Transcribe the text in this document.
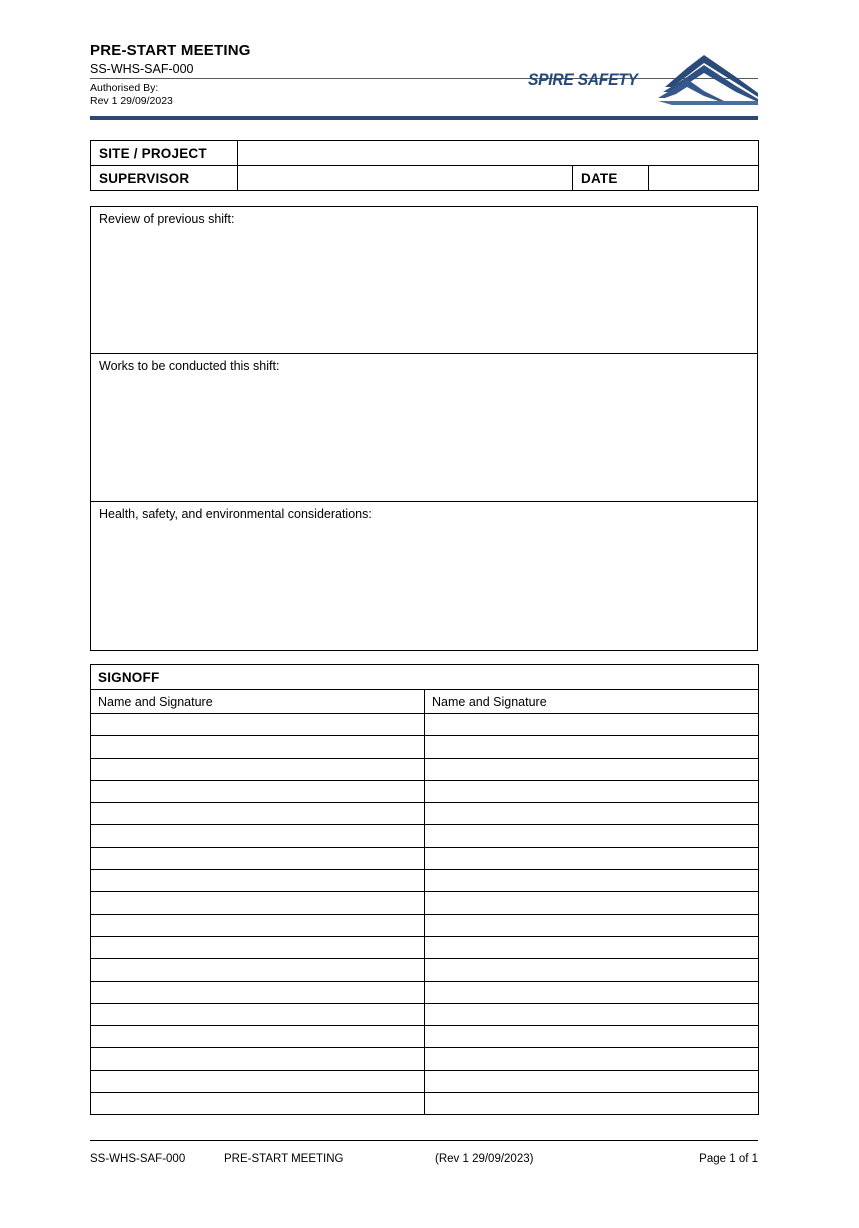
PRE-START MEETING
SS-WHS-SAF-000
Authorised By:
Rev 1 29/09/2023
SPIRE SAFETY
SITE / PROJECT			
SUPERVISOR		DATE	
Review of previous shift:
Works to be conducted this shift:
Health, safety, and environmental considerations:
SIGNOFF	
Name and Signature	Name and Signature

SS-WHS-SAF-000	PRE-START MEETING	(Rev 1 29/09/2023)	Page 1 of 1
